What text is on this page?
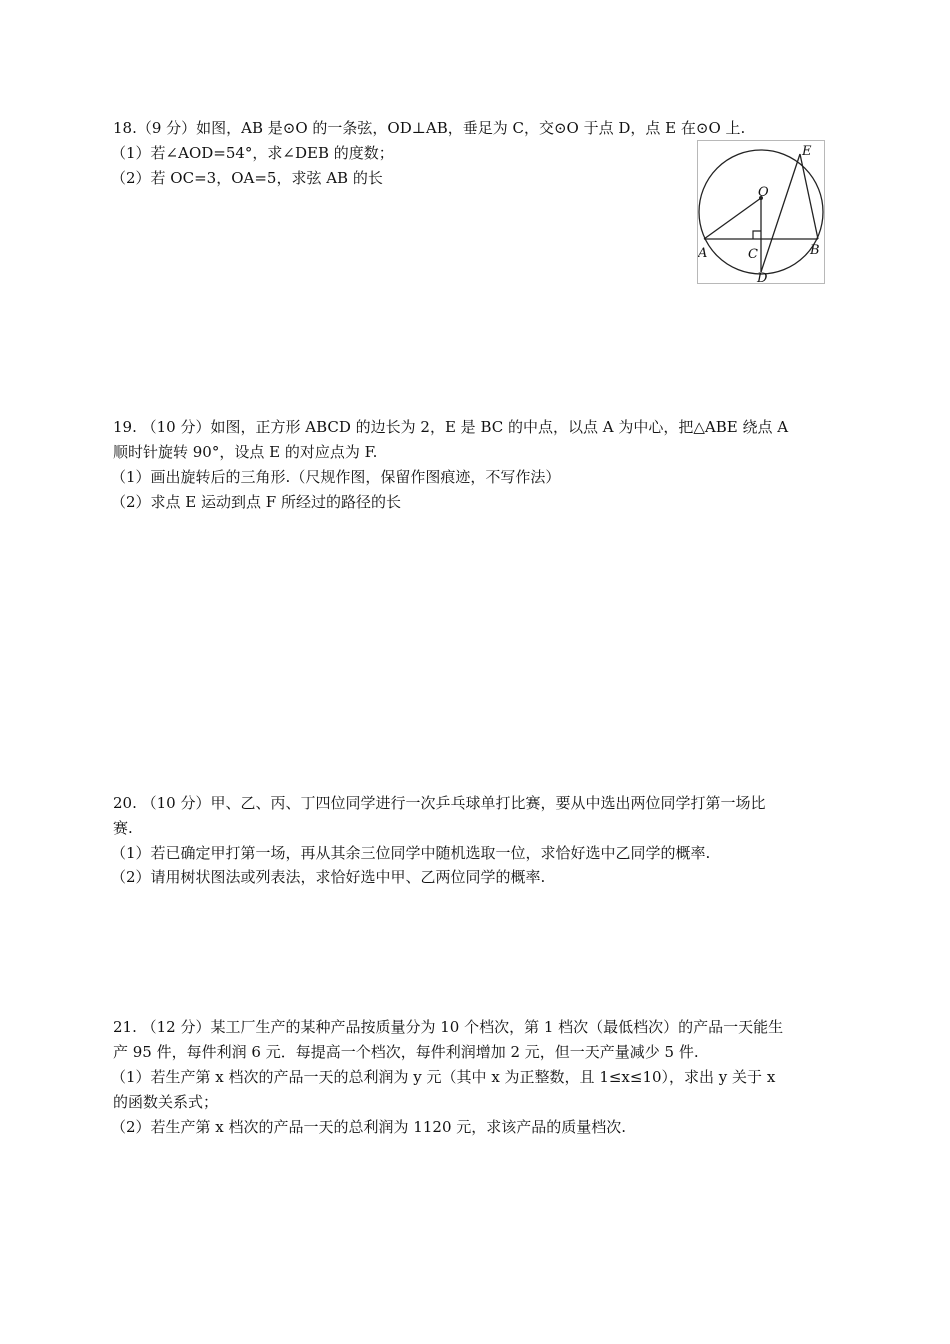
18.（9 分）如图，AB 是⊙O 的一条弦，OD⊥AB，垂足为 C，交⊙O 于点 D，点 E 在⊙O 上.
（1）若∠AOD=54°，求∠DEB 的度数；
（2）若 OC=3，OA=5，求弦 AB 的长
O
E
A	C	B
D
19. （10 分）如图，正方形 ABCD 的边长为 2，E 是 BC 的中点，以点 A 为中心，把△ABE 绕点 A
顺时针旋转 90°，设点 E 的对应点为 F.
（1）画出旋转后的三角形.（尺规作图，保留作图痕迹，不写作法）
（2）求点 E 运动到点 F 所经过的路径的长
20. （10 分）甲、乙、丙、丁四位同学进行一次乒乓球单打比赛，要从中选出两位同学打第一场比
赛.
（1）若已确定甲打第一场，再从其余三位同学中随机选取一位，求恰好选中乙同学的概率.
（2）请用树状图法或列表法，求恰好选中甲、乙两位同学的概率.
21. （12 分）某工厂生产的某种产品按质量分为 10 个档次，第 1 档次（最低档次）的产品一天能生
产 95 件，每件利润 6 元．每提高一个档次，每件利润增加 2 元，但一天产量减少 5 件.
（1）若生产第 x 档次的产品一天的总利润为 y 元（其中 x 为正整数，且 1≤x≤10），求出 y 关于 x
的函数关系式；
（2）若生产第 x 档次的产品一天的总利润为 1120 元，求该产品的质量档次.
